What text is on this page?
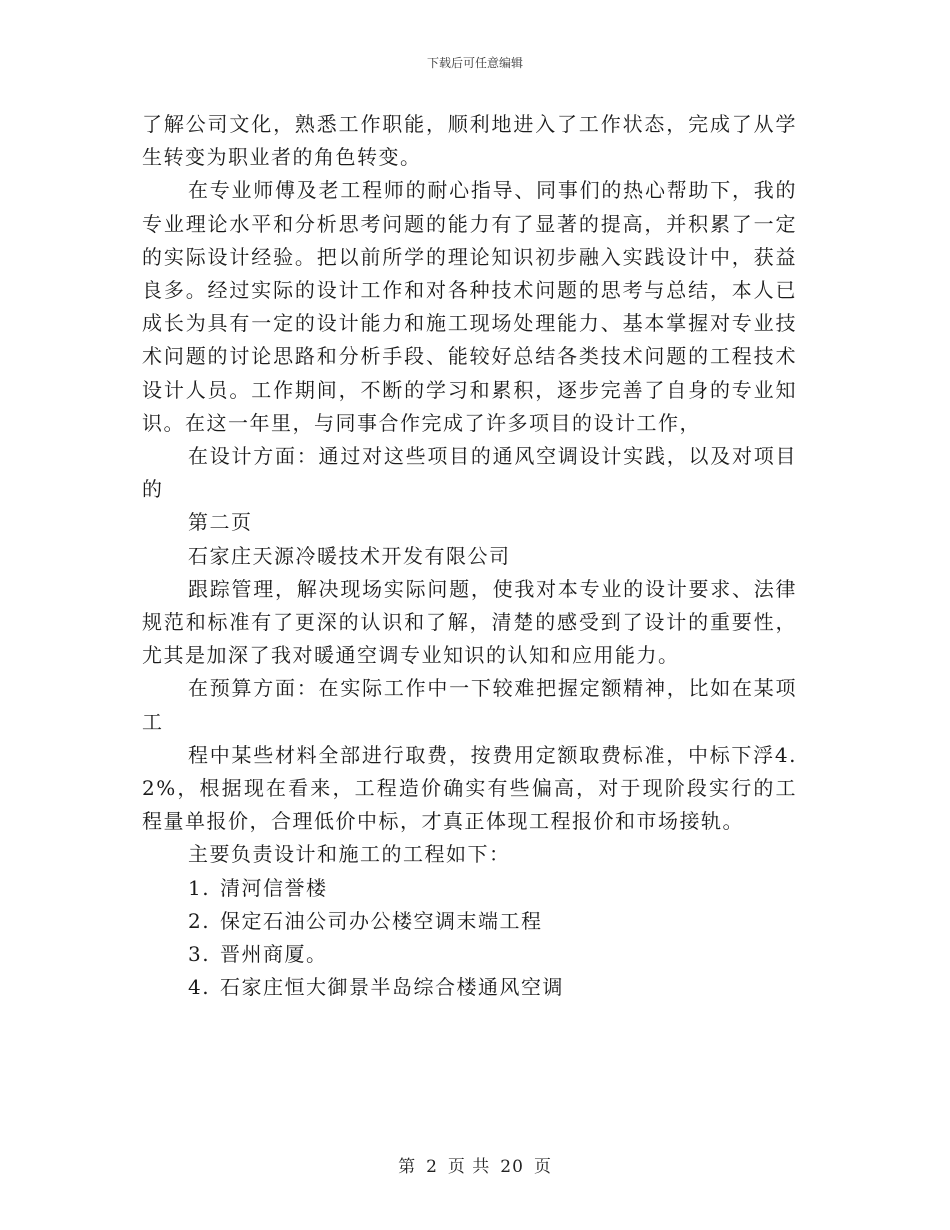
下载后可任意编辑

了解公司文化，熟悉工作职能，顺利地进入了工作状态，完成了从学生转变为职业者的角色转变。

在专业师傅及老工程师的耐心指导、同事们的热心帮助下，我的专业理论水平和分析思考问题的能力有了显著的提高，并积累了一定的实际设计经验。把以前所学的理论知识初步融入实践设计中，获益良多。经过实际的设计工作和对各种技术问题的思考与总结，本人已成长为具有一定的设计能力和施工现场处理能力、基本掌握对专业技术问题的讨论思路和分析手段、能较好总结各类技术问题的工程技术设计人员。工作期间，不断的学习和累积，逐步完善了自身的专业知识。在这一年里，与同事合作完成了许多项目的设计工作，

在设计方面：通过对这些项目的通风空调设计实践，以及对项目的

第二页

石家庄天源冷暖技术开发有限公司

跟踪管理，解决现场实际问题，使我对本专业的设计要求、法律规范和标准有了更深的认识和了解，清楚的感受到了设计的重要性，尤其是加深了我对暖通空调专业知识的认知和应用能力。

在预算方面：在实际工作中一下较难把握定额精神，比如在某项工

程中某些材料全部进行取费，按费用定额取费标准，中标下浮4.2%，根据现在看来，工程造价确实有些偏高，对于现阶段实行的工程量单报价，合理低价中标，才真正体现工程报价和市场接轨。

主要负责设计和施工的工程如下：

1. 清河信誉楼
2. 保定石油公司办公楼空调末端工程
3. 晋州商厦。
4. 石家庄恒大御景半岛综合楼通风空调
第 2 页 共 20 页
